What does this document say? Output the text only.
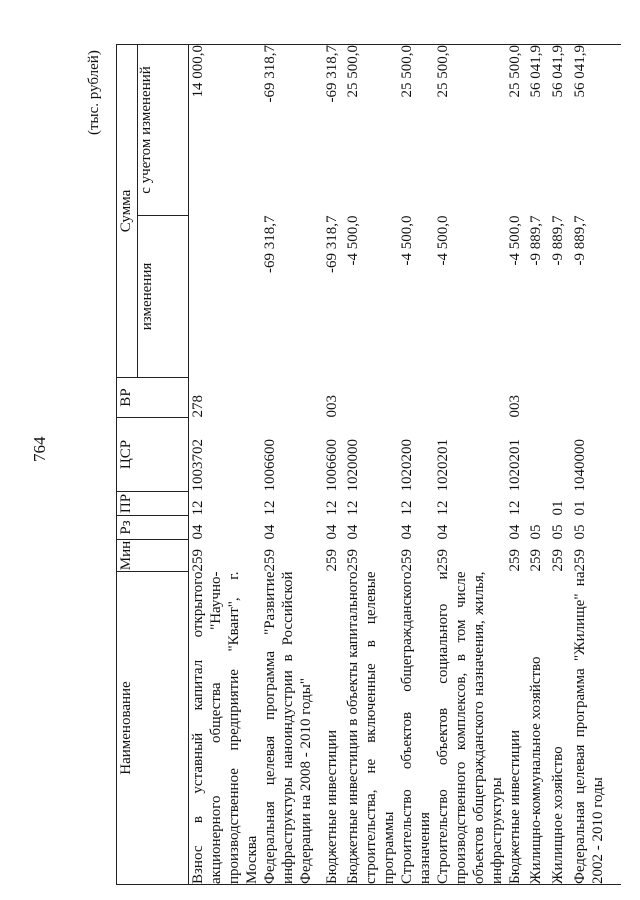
764
(тыс. рублей)
Наименование	Мин	Рз	ПР	ЦСР	ВР	Сумма	
						изменения	с учетом изменений
Взнос в уставный капитал открытого акционерного общества "Научно-производственное предприятие "Квант", г. Москва	259	04	12	1003702	278		14 000,0
Федеральная целевая программа "Развитие инфраструктуры наноиндустрии в Российской Федерации на 2008 - 2010 годы"	259	04	12	1006600		-69 318,7	-69 318,7
Бюджетные инвестиции	259	04	12	1006600	003	-69 318,7	-69 318,7
Бюджетные инвестиции в объекты капитального строительства, не включенные в целевые программы	259	04	12	1020000		-4 500,0	25 500,0
Строительство объектов общегражданского назначения	259	04	12	1020200		-4 500,0	25 500,0
Строительство объектов социального и производственного комплексов, в том числе объектов общегражданского назначения, жилья, инфраструктуры	259	04	12	1020201		-4 500,0	25 500,0
Бюджетные инвестиции	259	04	12	1020201	003	-4 500,0	25 500,0
Жилищно-коммунальное хозяйство	259	05				-9 889,7	56 041,9
Жилищное хозяйство	259	05	01			-9 889,7	56 041,9
Федеральная целевая программа "Жилище" на 2002 - 2010 годы	259	05	01	1040000		-9 889,7	56 041,9
